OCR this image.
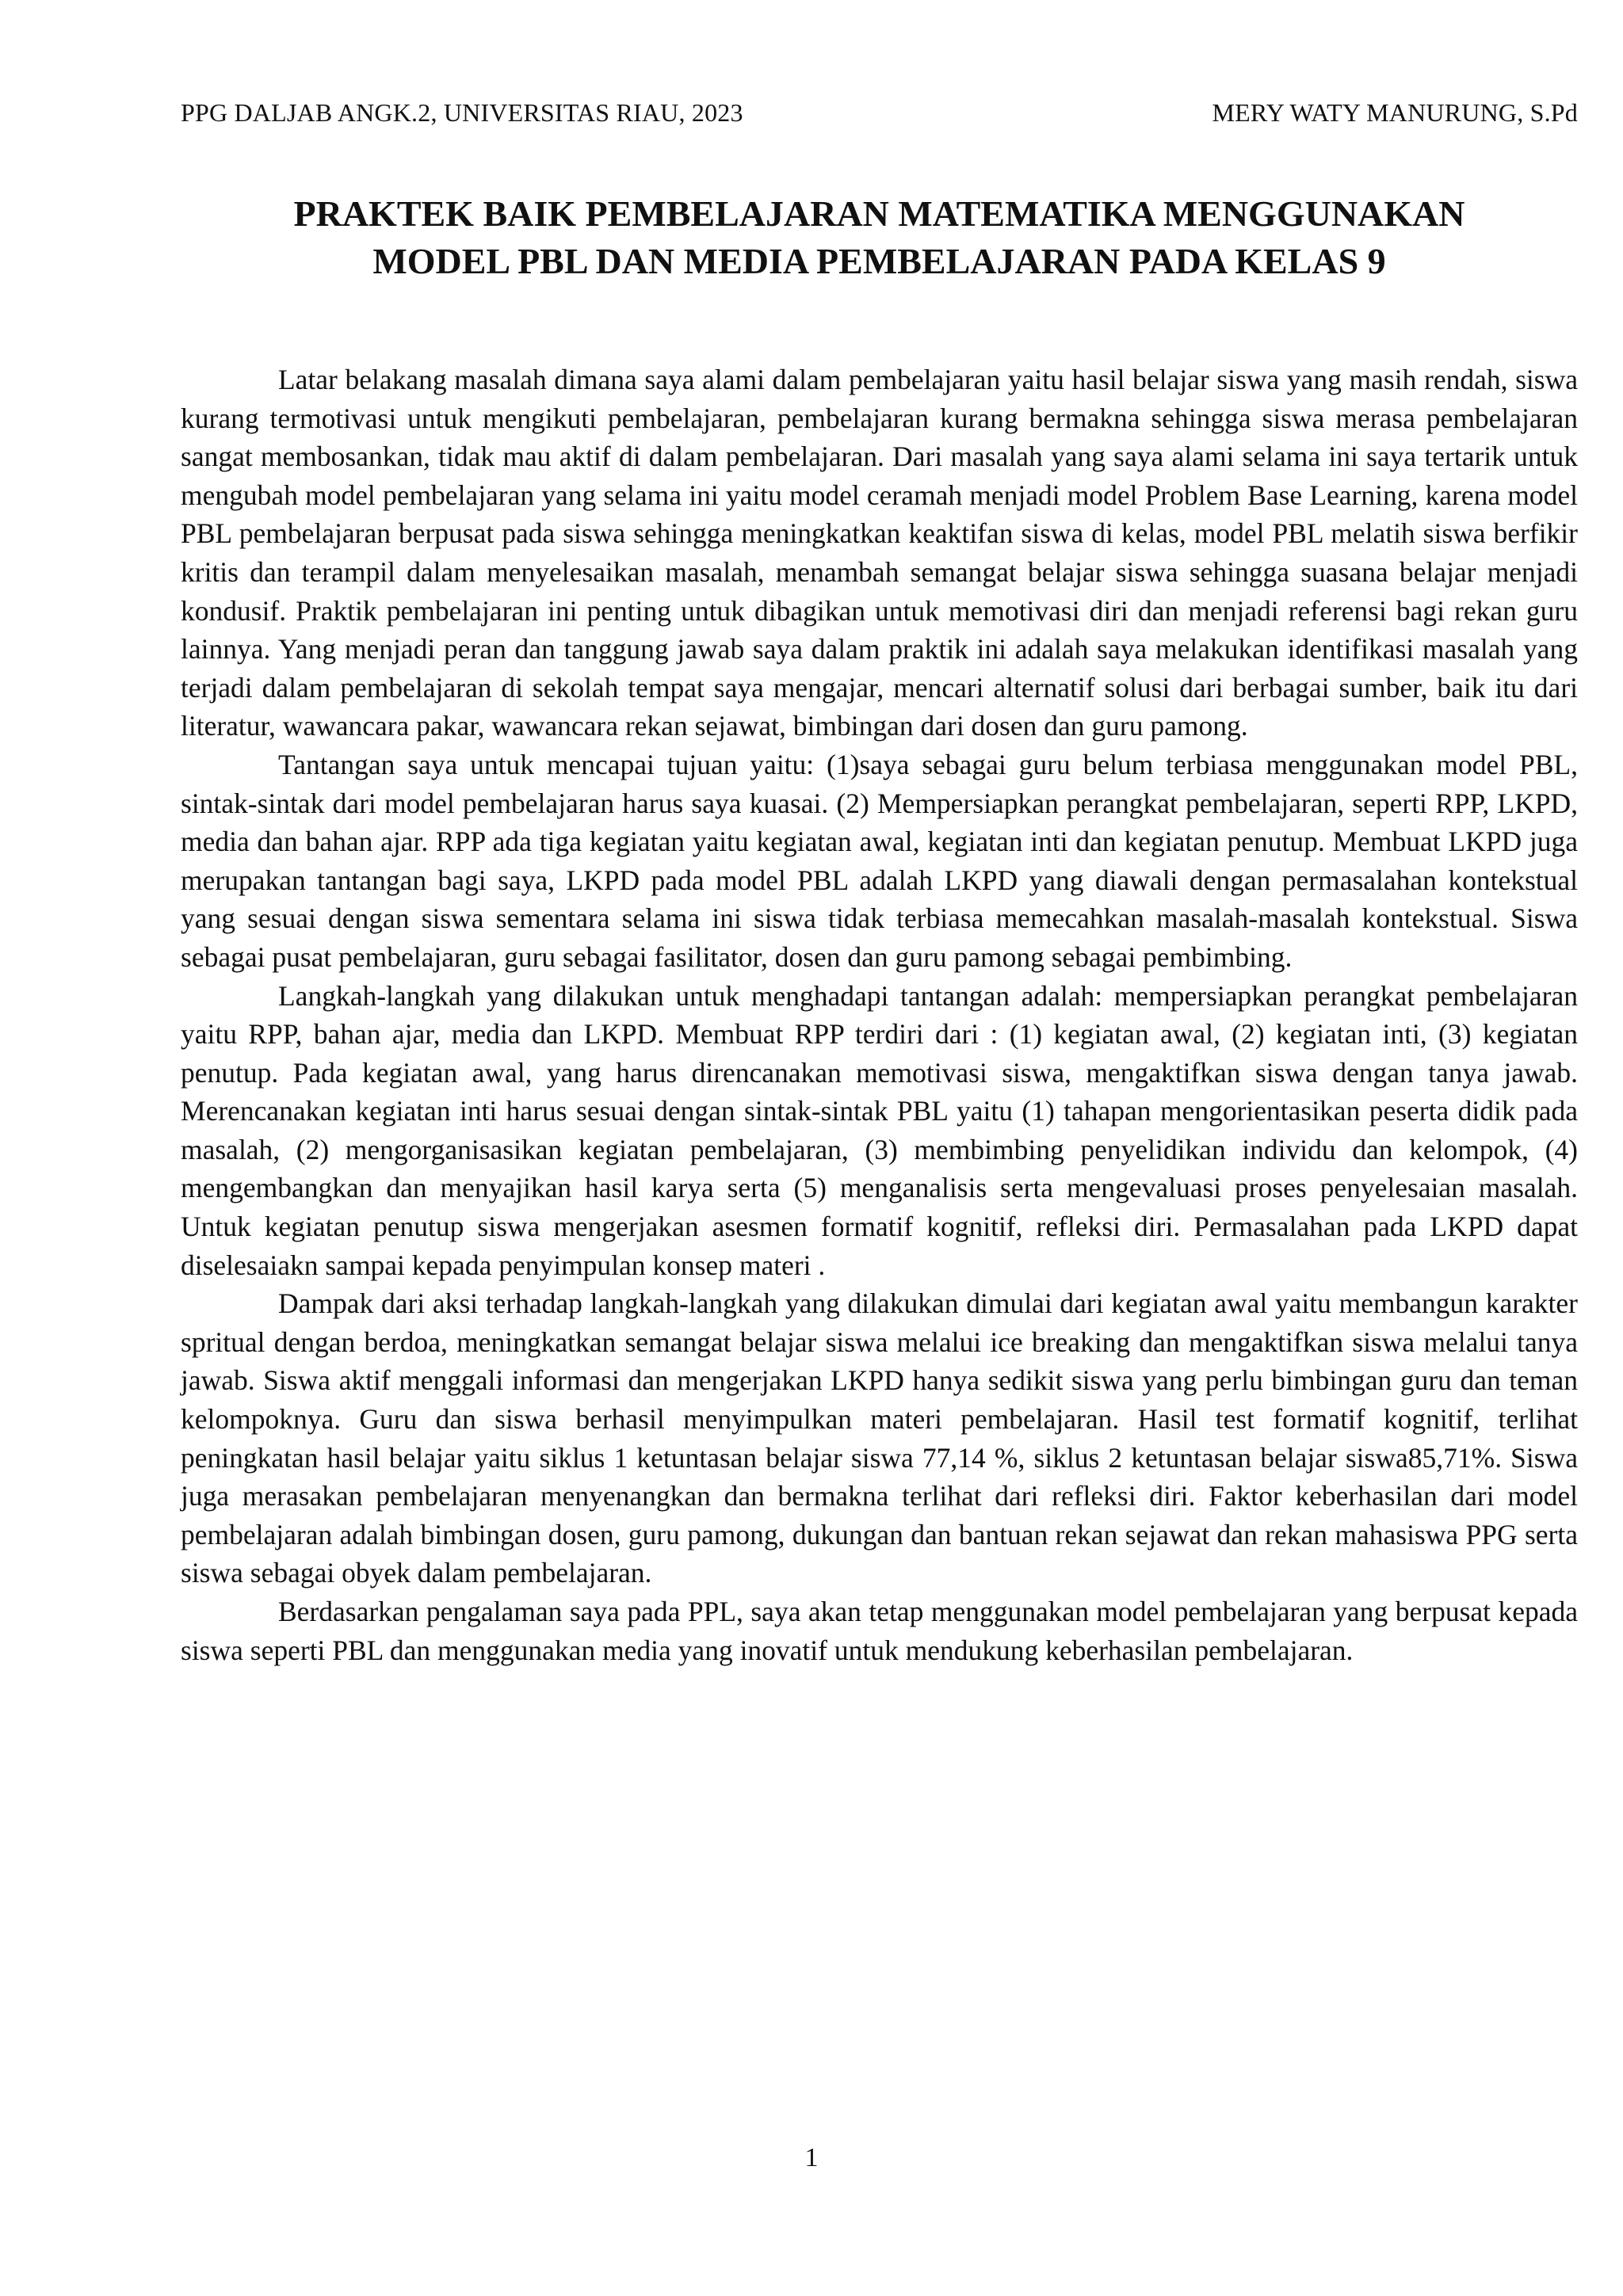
PPG DALJAB ANGK.2, UNIVERSITAS RIAU, 2023	MERY WATY MANURUNG, S.Pd
PRAKTEK BAIK PEMBELAJARAN MATEMATIKA MENGGUNAKAN
MODEL PBL DAN MEDIA PEMBELAJARAN PADA KELAS 9

Latar belakang masalah dimana saya alami dalam pembelajaran yaitu hasil belajar siswa yang masih rendah, siswa kurang termotivasi untuk mengikuti pembelajaran, pembelajaran kurang bermakna sehingga siswa merasa pembelajaran sangat membosankan, tidak mau aktif di dalam pembelajaran. Dari masalah yang saya alami selama ini saya tertarik untuk mengubah model pembelajaran yang selama ini yaitu model ceramah menjadi model Problem Base Learning, karena model PBL pembelajaran berpusat pada siswa sehingga meningkatkan keaktifan siswa di kelas, model PBL melatih siswa berfikir kritis dan terampil dalam menyelesaikan masalah, menambah semangat belajar siswa sehingga suasana belajar menjadi kondusif. Praktik pembelajaran ini penting untuk dibagikan untuk memotivasi diri dan menjadi referensi bagi rekan guru lainnya. Yang menjadi peran dan tanggung jawab saya dalam praktik ini adalah saya melakukan identifikasi masalah yang terjadi dalam pembelajaran di sekolah tempat saya mengajar, mencari alternatif solusi dari berbagai sumber, baik itu dari literatur, wawancara pakar, wawancara rekan sejawat, bimbingan dari dosen dan guru pamong.

Tantangan saya untuk mencapai tujuan yaitu: (1)saya sebagai guru belum terbiasa menggunakan model PBL, sintak-sintak dari model pembelajaran harus saya kuasai. (2) Mempersiapkan perangkat pembelajaran, seperti RPP, LKPD, media dan bahan ajar. RPP ada tiga kegiatan yaitu kegiatan awal, kegiatan inti dan kegiatan penutup. Membuat LKPD juga merupakan tantangan bagi saya, LKPD pada model PBL adalah LKPD yang diawali dengan permasalahan kontekstual yang sesuai dengan siswa sementara selama ini siswa tidak terbiasa memecahkan masalah-masalah kontekstual. Siswa sebagai pusat pembelajaran, guru sebagai fasilitator, dosen dan guru pamong sebagai pembimbing.

Langkah-langkah yang dilakukan untuk menghadapi tantangan adalah: mempersiapkan perangkat pembelajaran yaitu RPP, bahan ajar, media dan LKPD. Membuat RPP terdiri dari : (1) kegiatan awal, (2) kegiatan inti, (3) kegiatan penutup. Pada kegiatan awal, yang harus direncanakan memotivasi siswa, mengaktifkan siswa dengan tanya jawab. Merencanakan kegiatan inti harus sesuai dengan sintak-sintak PBL yaitu (1) tahapan mengorientasikan peserta didik pada masalah, (2) mengorganisasikan kegiatan pembelajaran, (3) membimbing penyelidikan individu dan kelompok, (4) mengembangkan dan menyajikan hasil karya serta (5) menganalisis serta mengevaluasi proses penyelesaian masalah. Untuk kegiatan penutup siswa mengerjakan asesmen formatif kognitif, refleksi diri. Permasalahan pada LKPD dapat diselesaiakn sampai kepada penyimpulan konsep materi .

Dampak dari aksi terhadap langkah-langkah yang dilakukan dimulai dari kegiatan awal yaitu membangun karakter spritual dengan berdoa, meningkatkan semangat belajar siswa melalui ice breaking dan mengaktifkan siswa melalui tanya jawab. Siswa aktif menggali informasi dan mengerjakan LKPD hanya sedikit siswa yang perlu bimbingan guru dan teman kelompoknya. Guru dan siswa berhasil menyimpulkan materi pembelajaran. Hasil test formatif kognitif, terlihat peningkatan hasil belajar yaitu siklus 1 ketuntasan belajar siswa 77,14 %, siklus 2 ketuntasan belajar siswa85,71%. Siswa juga merasakan pembelajaran menyenangkan dan bermakna terlihat dari refleksi diri. Faktor keberhasilan dari model pembelajaran adalah bimbingan dosen, guru pamong, dukungan dan bantuan rekan sejawat dan rekan mahasiswa PPG serta siswa sebagai obyek dalam pembelajaran.

Berdasarkan pengalaman saya pada PPL, saya akan tetap menggunakan model pembelajaran yang berpusat kepada siswa seperti PBL dan menggunakan media yang inovatif untuk mendukung keberhasilan pembelajaran.

1
